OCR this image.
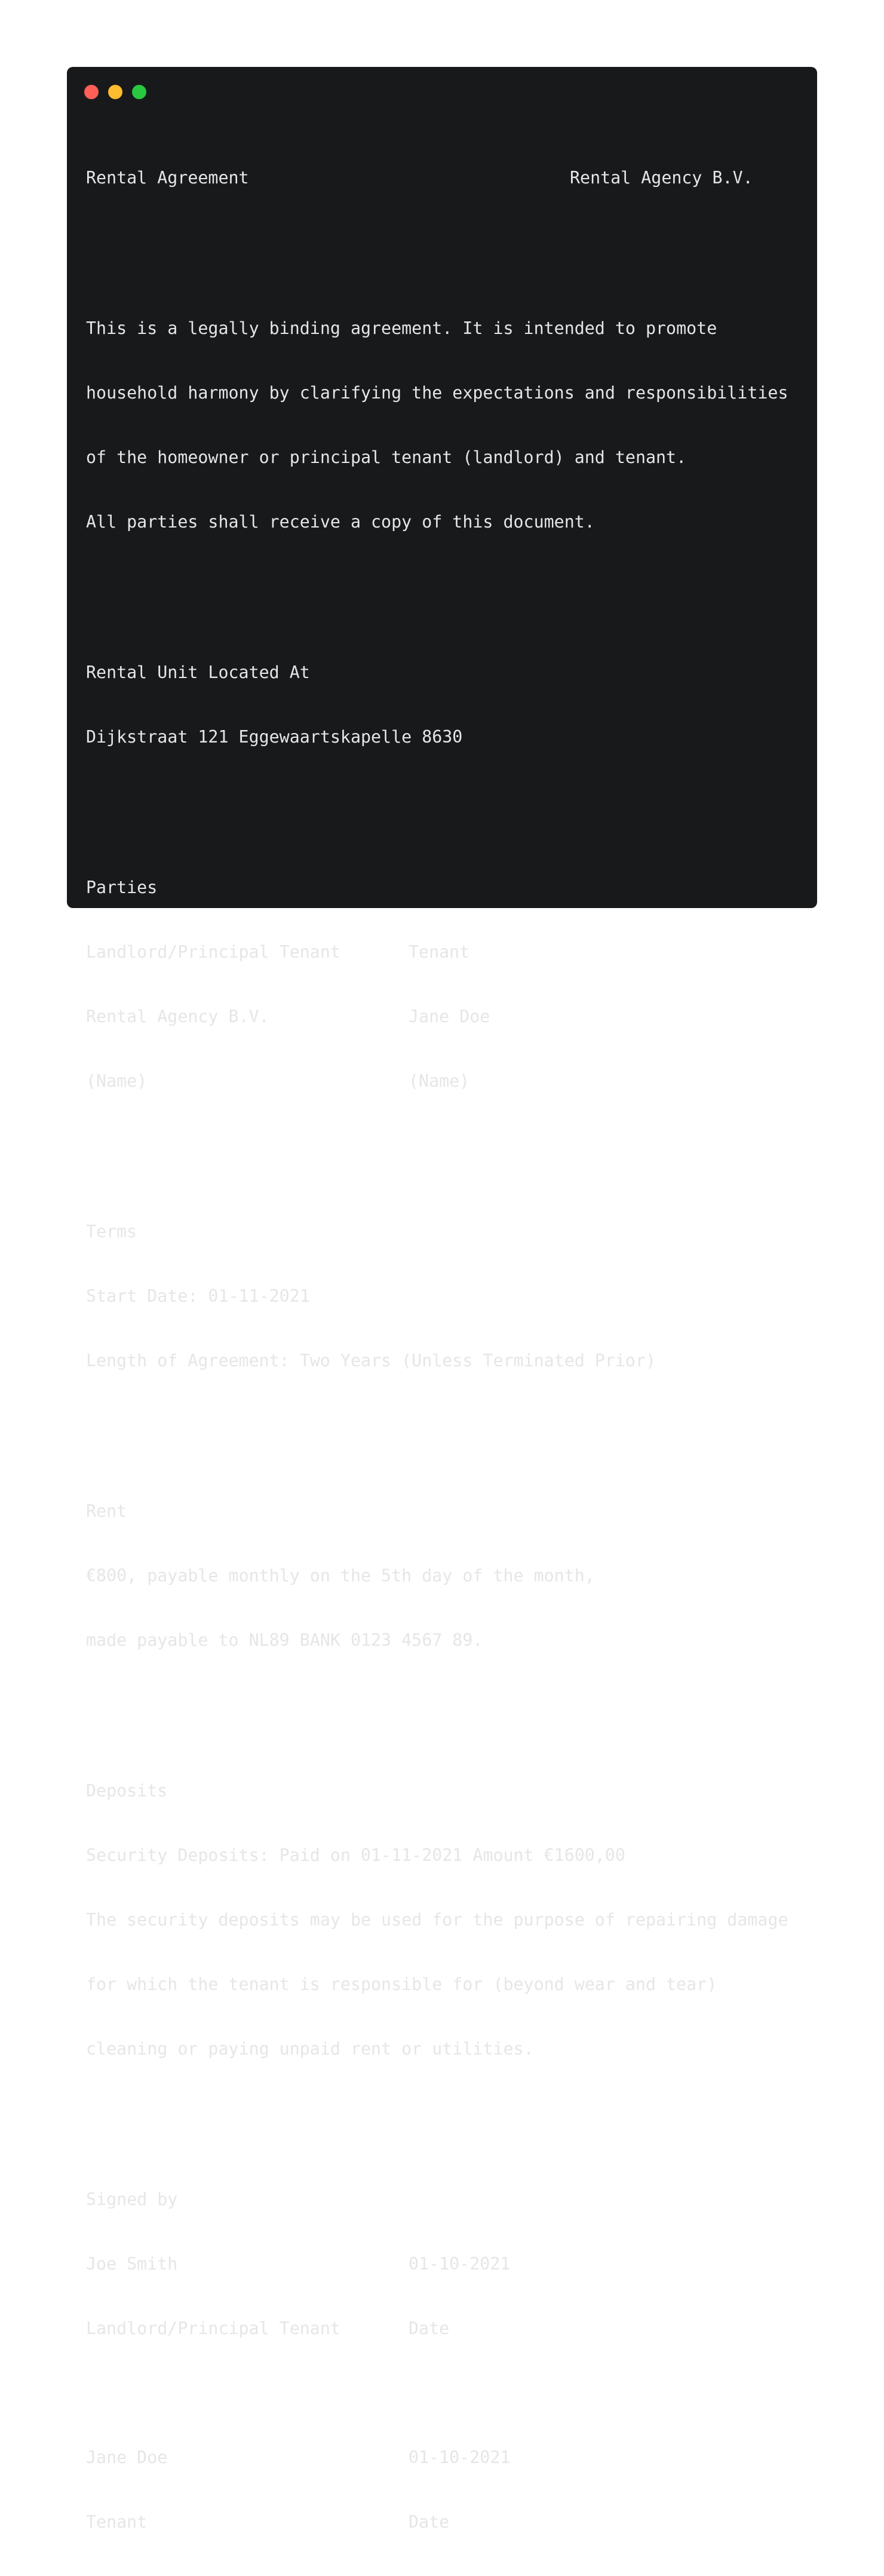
Rental Agreement	Rental Agency B.V.

This is a legally binding agreement. It is intended to promote

household harmony by clarifying the expectations and responsibilities

of the homeowner or principal tenant (landlord) and tenant.

All parties shall receive a copy of this document.

Rental Unit Located At

Dijkstraat 121 Eggewaartskapelle 8630

Parties

Landlord/Principal Tenant	Tenant

Rental Agency B.V.	Jane Doe

(Name)	(Name)

Terms

Start Date: 01-11-2021

Length of Agreement: Two Years (Unless Terminated Prior)

Rent

€800, payable monthly on the 5th day of the month,

made payable to NL89 BANK 0123 4567 89.

Deposits

Security Deposits: Paid on 01-11-2021 Amount €1600,00

The security deposits may be used for the purpose of repairing damage

for which the tenant is responsible for (beyond wear and tear)

cleaning or paying unpaid rent or utilities.

Signed by

Joe Smith	01-10-2021

Landlord/Principal Tenant	Date

Jane Doe	01-10-2021

Tenant	Date
